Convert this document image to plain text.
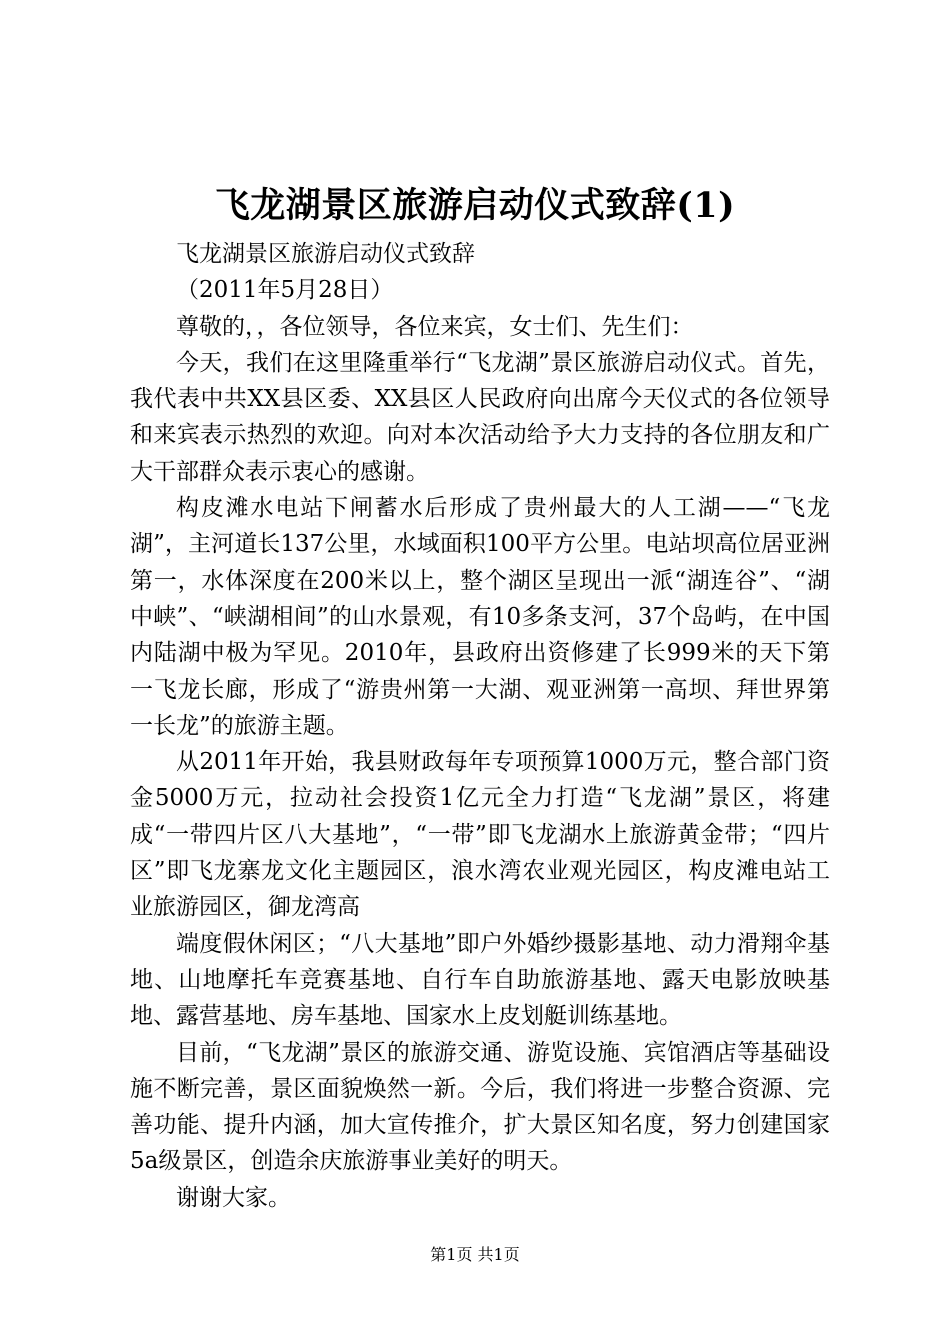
飞龙湖景区旅游启动仪式致辞(1)

飞龙湖景区旅游启动仪式致辞

（2011年5月28日）

尊敬的，，各位领导，各位来宾，女士们、先生们：

今天，我们在这里隆重举行“飞龙湖”景区旅游启动仪式。首先，我代表中共XX县区委、XX县区人民政府向出席今天仪式的各位领导和来宾表示热烈的欢迎。向对本次活动给予大力支持的各位朋友和广大干部群众表示衷心的感谢。

构皮滩水电站下闸蓄水后形成了贵州最大的人工湖——“飞龙湖”，主河道长137公里，水域面积100平方公里。电站坝高位居亚洲第一，水体深度在200米以上，整个湖区呈现出一派“湖连谷”、“湖中峡”、“峡湖相间”的山水景观，有10多条支河，37个岛屿，在中国内陆湖中极为罕见。2010年，县政府出资修建了长999米的天下第一飞龙长廊，形成了“游贵州第一大湖、观亚洲第一高坝、拜世界第一长龙”的旅游主题。

从2011年开始，我县财政每年专项预算1000万元，整合部门资金5000万元，拉动社会投资1亿元全力打造“飞龙湖”景区，将建成“一带四片区八大基地”，“一带”即飞龙湖水上旅游黄金带；“四片区”即飞龙寨龙文化主题园区，浪水湾农业观光园区，构皮滩电站工业旅游园区，御龙湾高

端度假休闲区；“八大基地”即户外婚纱摄影基地、动力滑翔伞基地、山地摩托车竞赛基地、自行车自助旅游基地、露天电影放映基地、露营基地、房车基地、国家水上皮划艇训练基地。

目前，“飞龙湖”景区的旅游交通、游览设施、宾馆酒店等基础设施不断完善，景区面貌焕然一新。今后，我们将进一步整合资源、完善功能、提升内涵，加大宣传推介，扩大景区知名度，努力创建国家5a级景区，创造余庆旅游事业美好的明天。

谢谢大家。

第1页 共1页
